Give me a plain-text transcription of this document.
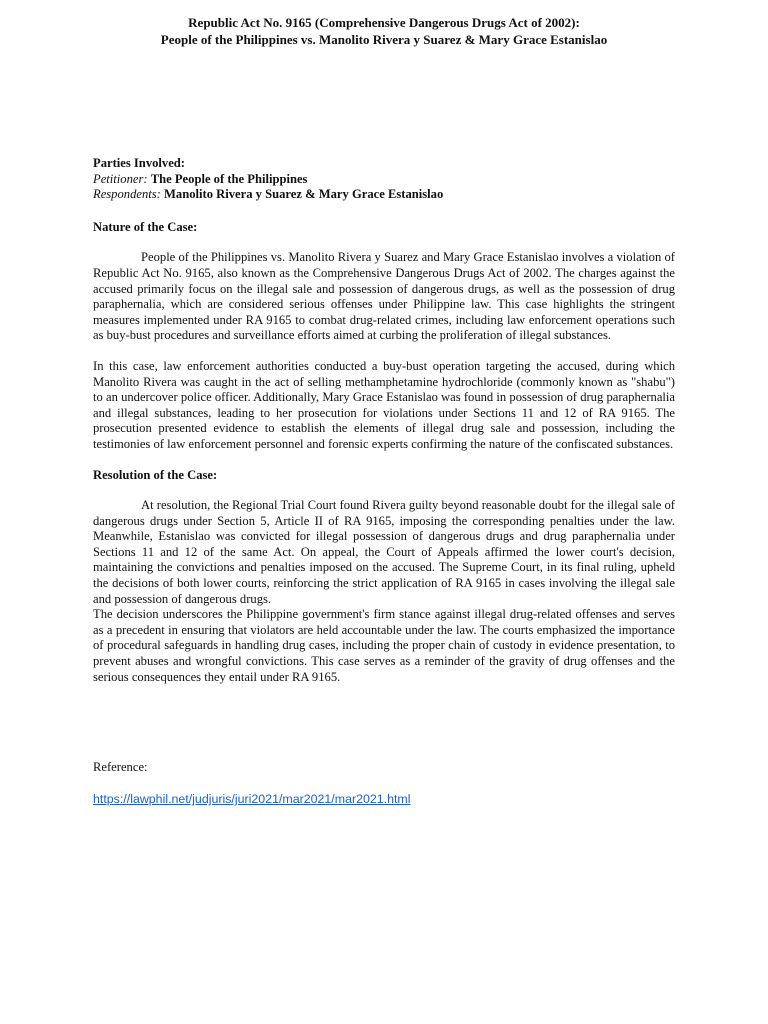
Republic Act No. 9165 (Comprehensive Dangerous Drugs Act of 2002):
People of the Philippines vs. Manolito Rivera y Suarez & Mary Grace Estanislao
Parties Involved:
Petitioner: The People of the Philippines
Respondents: Manolito Rivera y Suarez & Mary Grace Estanislao
Nature of the Case:

People of the Philippines vs. Manolito Rivera y Suarez and Mary Grace Estanislao involves a violation of Republic Act No. 9165, also known as the Comprehensive Dangerous Drugs Act of 2002. The charges against the accused primarily focus on the illegal sale and possession of dangerous drugs, as well as the possession of drug paraphernalia, which are considered serious offenses under Philippine law. This case highlights the stringent measures implemented under RA 9165 to combat drug-related crimes, including law enforcement operations such as buy-bust procedures and surveillance efforts aimed at curbing the proliferation of illegal substances.

In this case, law enforcement authorities conducted a buy-bust operation targeting the accused, during which Manolito Rivera was caught in the act of selling methamphetamine hydrochloride (commonly known as "shabu") to an undercover police officer. Additionally, Mary Grace Estanislao was found in possession of drug paraphernalia and illegal substances, leading to her prosecution for violations under Sections 11 and 12 of RA 9165. The prosecution presented evidence to establish the elements of illegal drug sale and possession, including the testimonies of law enforcement personnel and forensic experts confirming the nature of the confiscated substances.

Resolution of the Case:

At resolution, the Regional Trial Court found Rivera guilty beyond reasonable doubt for the illegal sale of dangerous drugs under Section 5, Article II of RA 9165, imposing the corresponding penalties under the law. Meanwhile, Estanislao was convicted for illegal possession of dangerous drugs and drug paraphernalia under Sections 11 and 12 of the same Act. On appeal, the Court of Appeals affirmed the lower court's decision, maintaining the convictions and penalties imposed on the accused. The Supreme Court, in its final ruling, upheld the decisions of both lower courts, reinforcing the strict application of RA 9165 in cases involving the illegal sale and possession of dangerous drugs.

The decision underscores the Philippine government's firm stance against illegal drug-related offenses and serves as a precedent in ensuring that violators are held accountable under the law. The courts emphasized the importance of procedural safeguards in handling drug cases, including the proper chain of custody in evidence presentation, to prevent abuses and wrongful convictions. This case serves as a reminder of the gravity of drug offenses and the serious consequences they entail under RA 9165.

Reference:
https://lawphil.net/judjuris/juri2021/mar2021/mar2021.html
